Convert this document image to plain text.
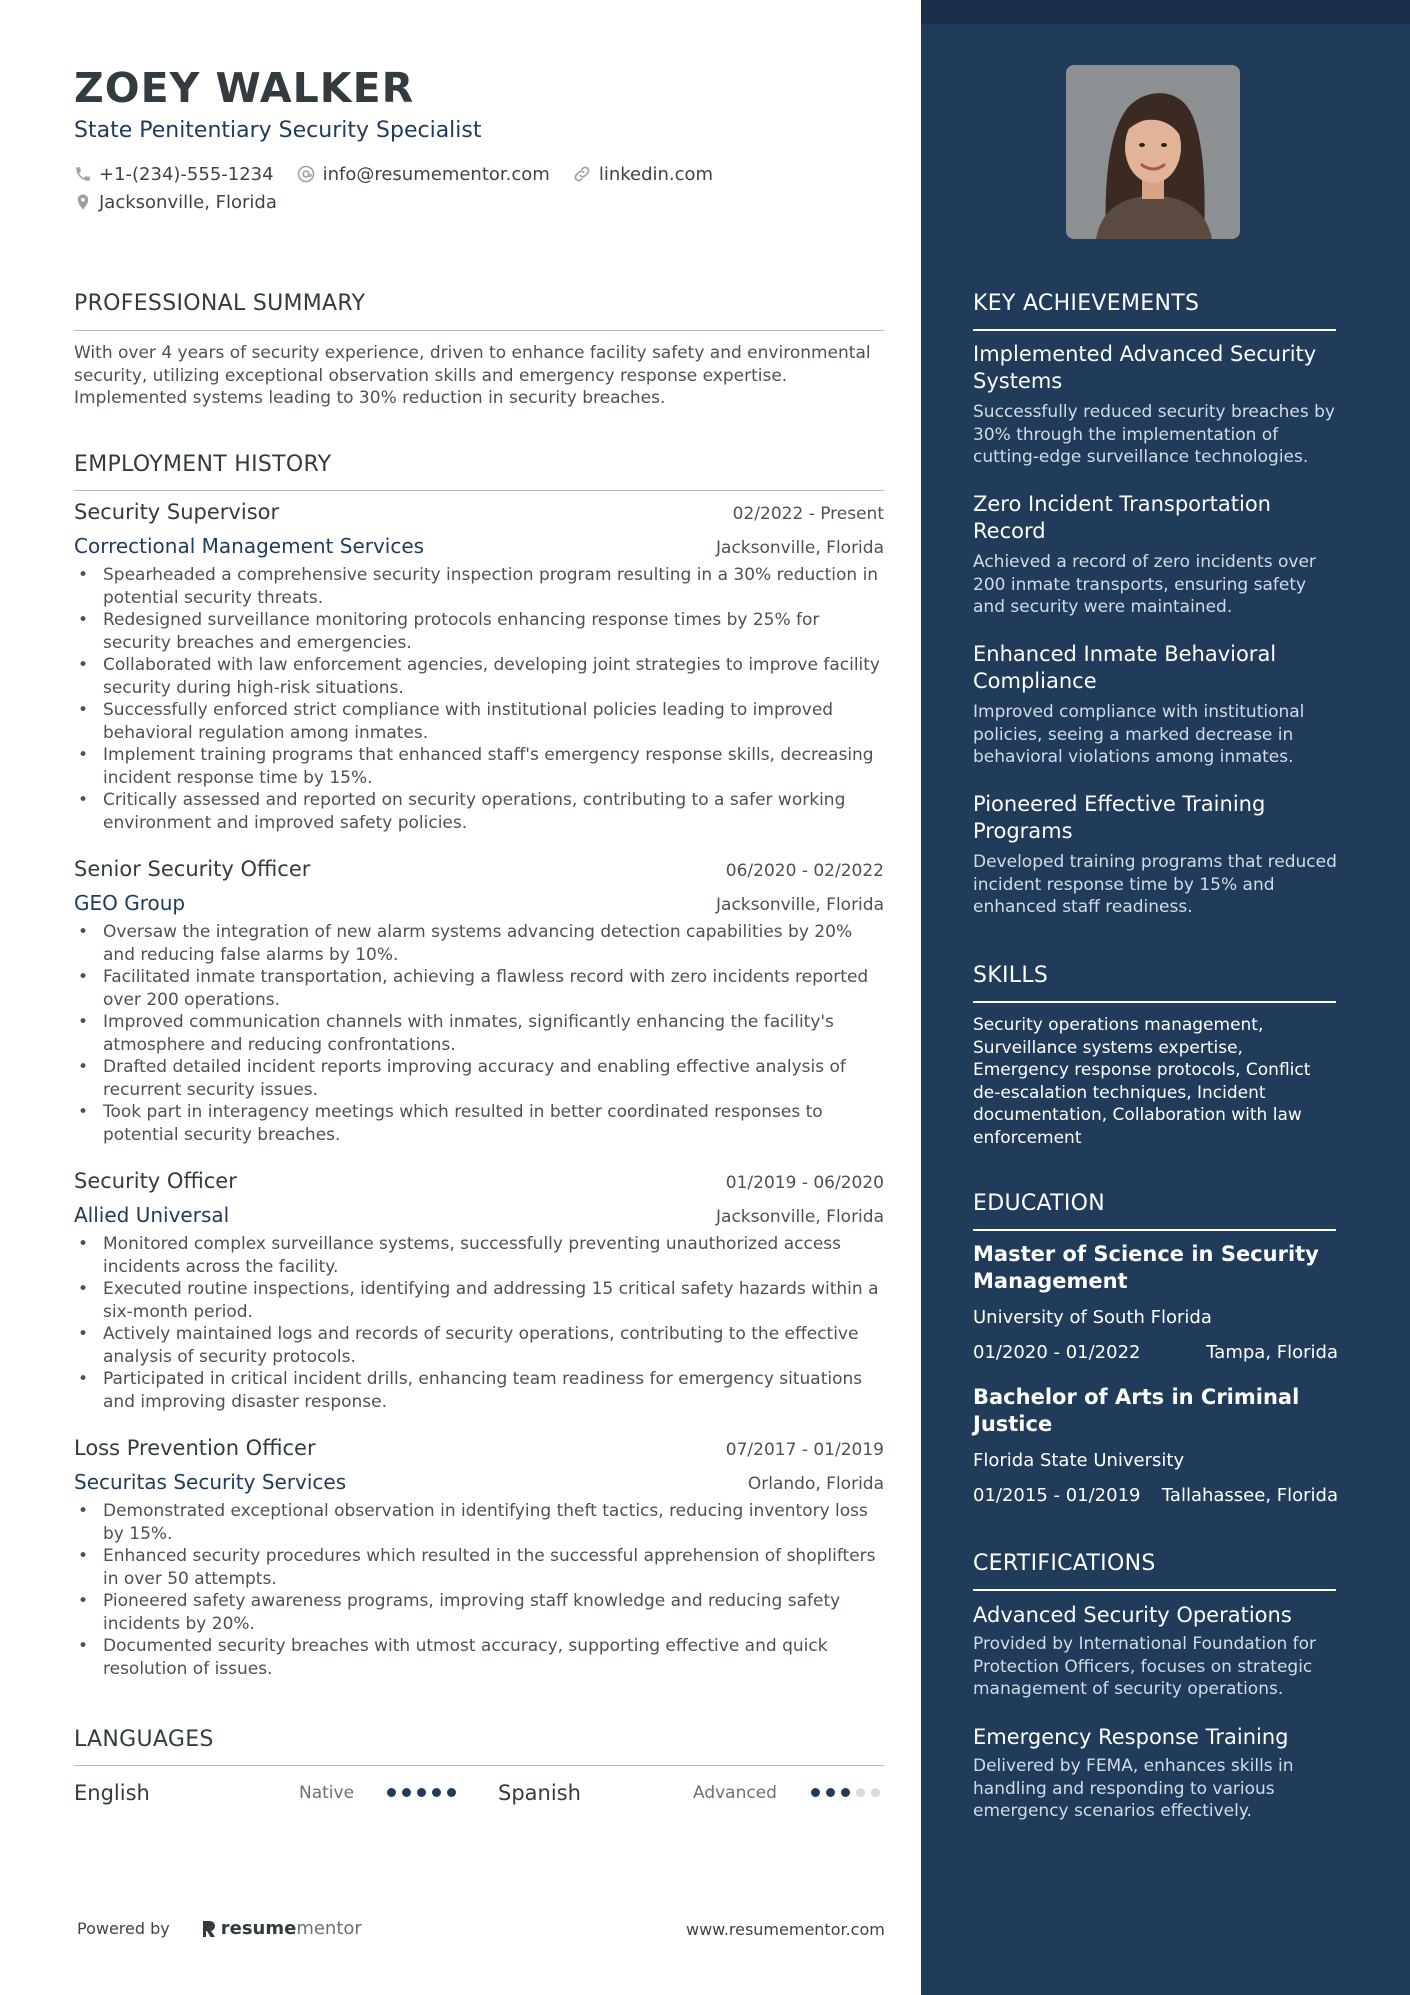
ZOEY WALKER
State Penitentiary Security Specialist
+1-(234)-555-1234	info@resumementor.com	linkedin.com
Jacksonville, Florida
PROFESSIONAL SUMMARY
With over 4 years of security experience, driven to enhance facility safety and environmental security, utilizing exceptional observation skills and emergency response expertise. Implemented systems leading to 30% reduction in security breaches.
EMPLOYMENT HISTORY
Security Supervisor	02/2022 - Present
Correctional Management Services	Jacksonville, Florida
• Spearheaded a comprehensive security inspection program resulting in a 30% reduction in potential security threats.
• Redesigned surveillance monitoring protocols enhancing response times by 25% for security breaches and emergencies.
• Collaborated with law enforcement agencies, developing joint strategies to improve facility security during high-risk situations.
• Successfully enforced strict compliance with institutional policies leading to improved behavioral regulation among inmates.
• Implement training programs that enhanced staff's emergency response skills, decreasing incident response time by 15%.
• Critically assessed and reported on security operations, contributing to a safer working environment and improved safety policies.
Senior Security Officer	06/2020 - 02/2022
GEO Group	Jacksonville, Florida
• Oversaw the integration of new alarm systems advancing detection capabilities by 20% and reducing false alarms by 10%.
• Facilitated inmate transportation, achieving a flawless record with zero incidents reported over 200 operations.
• Improved communication channels with inmates, significantly enhancing the facility's atmosphere and reducing confrontations.
• Drafted detailed incident reports improving accuracy and enabling effective analysis of recurrent security issues.
• Took part in interagency meetings which resulted in better coordinated responses to potential security breaches.
Security Officer	01/2019 - 06/2020
Allied Universal	Jacksonville, Florida
• Monitored complex surveillance systems, successfully preventing unauthorized access incidents across the facility.
• Executed routine inspections, identifying and addressing 15 critical safety hazards within a six-month period.
• Actively maintained logs and records of security operations, contributing to the effective analysis of security protocols.
• Participated in critical incident drills, enhancing team readiness for emergency situations and improving disaster response.
Loss Prevention Officer	07/2017 - 01/2019
Securitas Security Services	Orlando, Florida
• Demonstrated exceptional observation in identifying theft tactics, reducing inventory loss by 15%.
• Enhanced security procedures which resulted in the successful apprehension of shoplifters in over 50 attempts.
• Pioneered safety awareness programs, improving staff knowledge and reducing safety incidents by 20%.
• Documented security breaches with utmost accuracy, supporting effective and quick resolution of issues.
LANGUAGES
English	Native	Spanish	Advanced
Powered by	resume mentor	www.resumementor.com
KEY ACHIEVEMENTS
Implemented Advanced Security Systems
Successfully reduced security breaches by 30% through the implementation of cutting-edge surveillance technologies.
Zero Incident Transportation Record
Achieved a record of zero incidents over 200 inmate transports, ensuring safety and security were maintained.
Enhanced Inmate Behavioral Compliance
Improved compliance with institutional policies, seeing a marked decrease in behavioral violations among inmates.
Pioneered Effective Training Programs
Developed training programs that reduced incident response time by 15% and enhanced staff readiness.
SKILLS
Security operations management, Surveillance systems expertise, Emergency response protocols, Conflict de-escalation techniques, Incident documentation, Collaboration with law enforcement
EDUCATION
Master of Science in Security Management
University of South Florida
01/2020 - 01/2022	Tampa, Florida
Bachelor of Arts in Criminal Justice
Florida State University
01/2015 - 01/2019 Tallahassee, Florida
CERTIFICATIONS
Advanced Security Operations
Provided by International Foundation for Protection Officers, focuses on strategic management of security operations.
Emergency Response Training
Delivered by FEMA, enhances skills in handling and responding to various emergency scenarios effectively.
